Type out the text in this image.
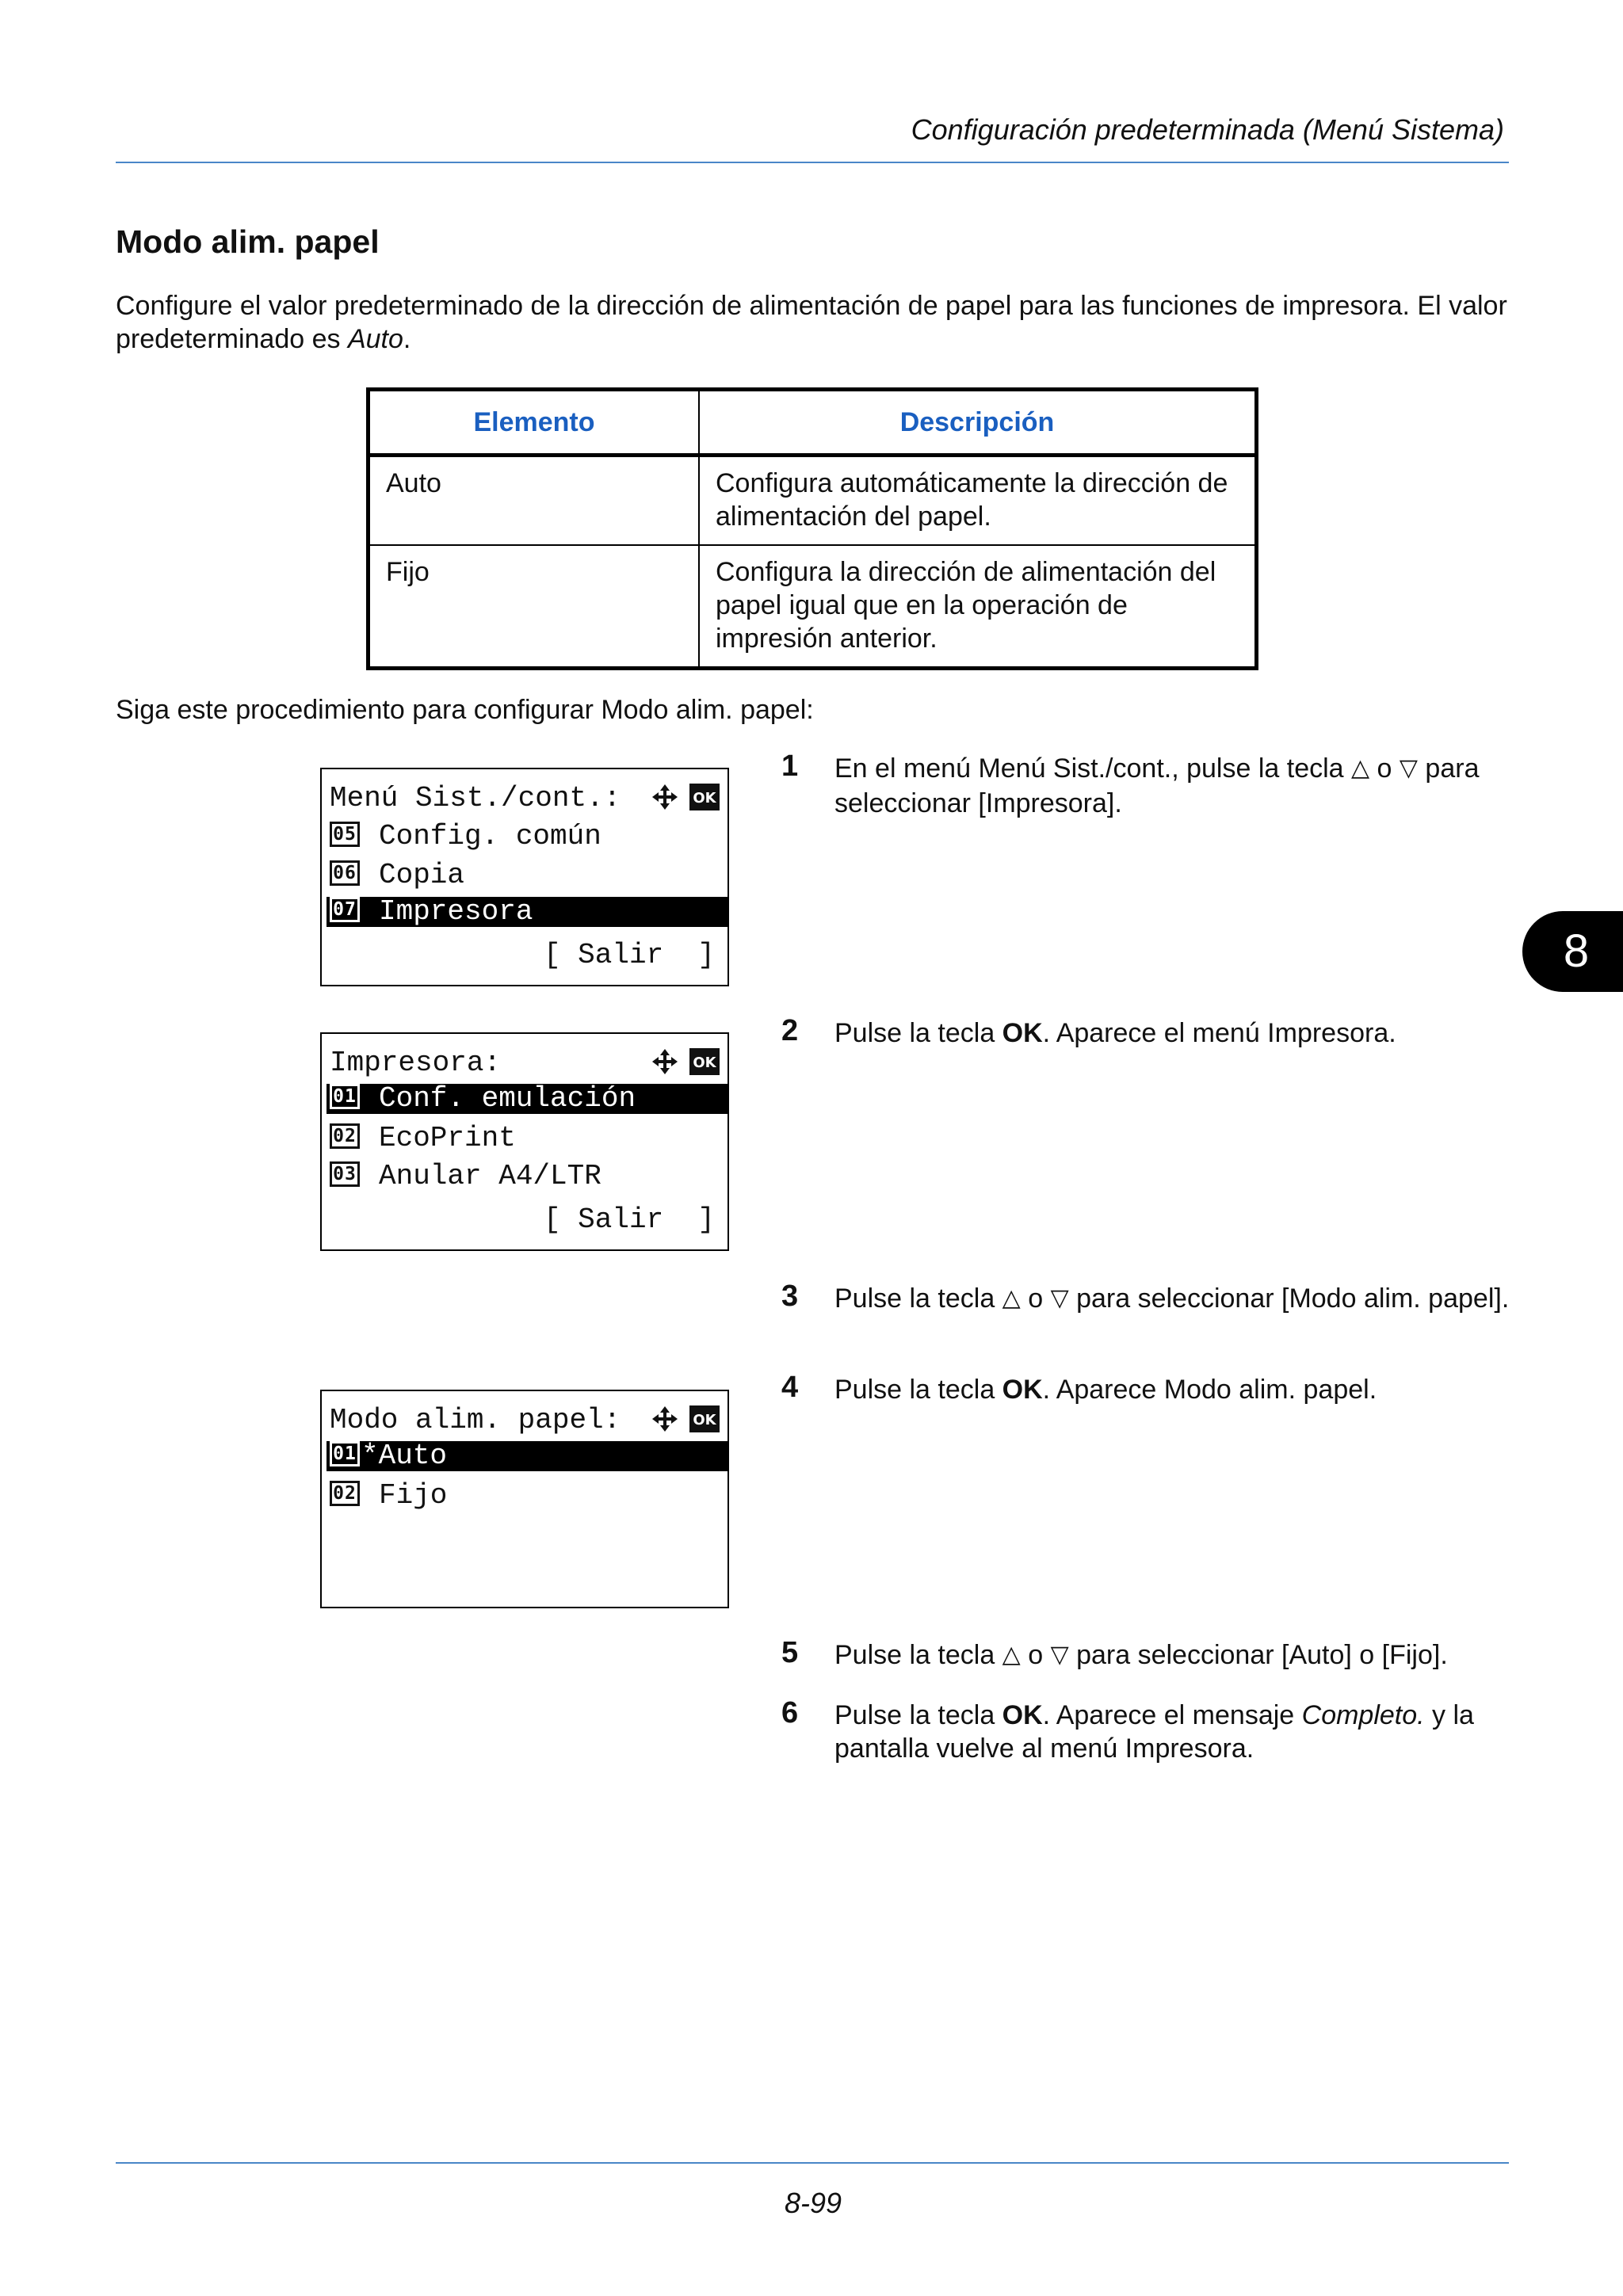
Configuración predeterminada (Menú Sistema)
Modo alim. papel
Configure el valor predeterminado de la dirección de alimentación de papel para las funciones de impresora. El valor predeterminado es Auto.
Elemento	Descripción
Auto	Configura automáticamente la dirección de alimentación del papel.
Fijo	Configura la dirección de alimentación del papel igual que en la operación de impresión anterior.
Siga este procedimiento para configurar Modo alim. papel:
Menú Sist./cont.:	OK
05 Config. común
06 Copia
07 Impresora
[ Salir  ]
Impresora:	OK
01 Conf. emulación
02 EcoPrint
03 Anular A4/LTR
[ Salir  ]
Modo alim. papel:	OK
01 *Auto
02 Fijo
1 En el menú Menú Sist./cont., pulse la tecla △ o ▽ para seleccionar [Impresora].
2 Pulse la tecla OK. Aparece el menú Impresora.
3 Pulse la tecla △ o ▽ para seleccionar [Modo alim. papel].
4 Pulse la tecla OK. Aparece Modo alim. papel.
5 Pulse la tecla △ o ▽ para seleccionar [Auto] o [Fijo].
6 Pulse la tecla OK. Aparece el mensaje Completo. y la pantalla vuelve al menú Impresora.
8
8-99
